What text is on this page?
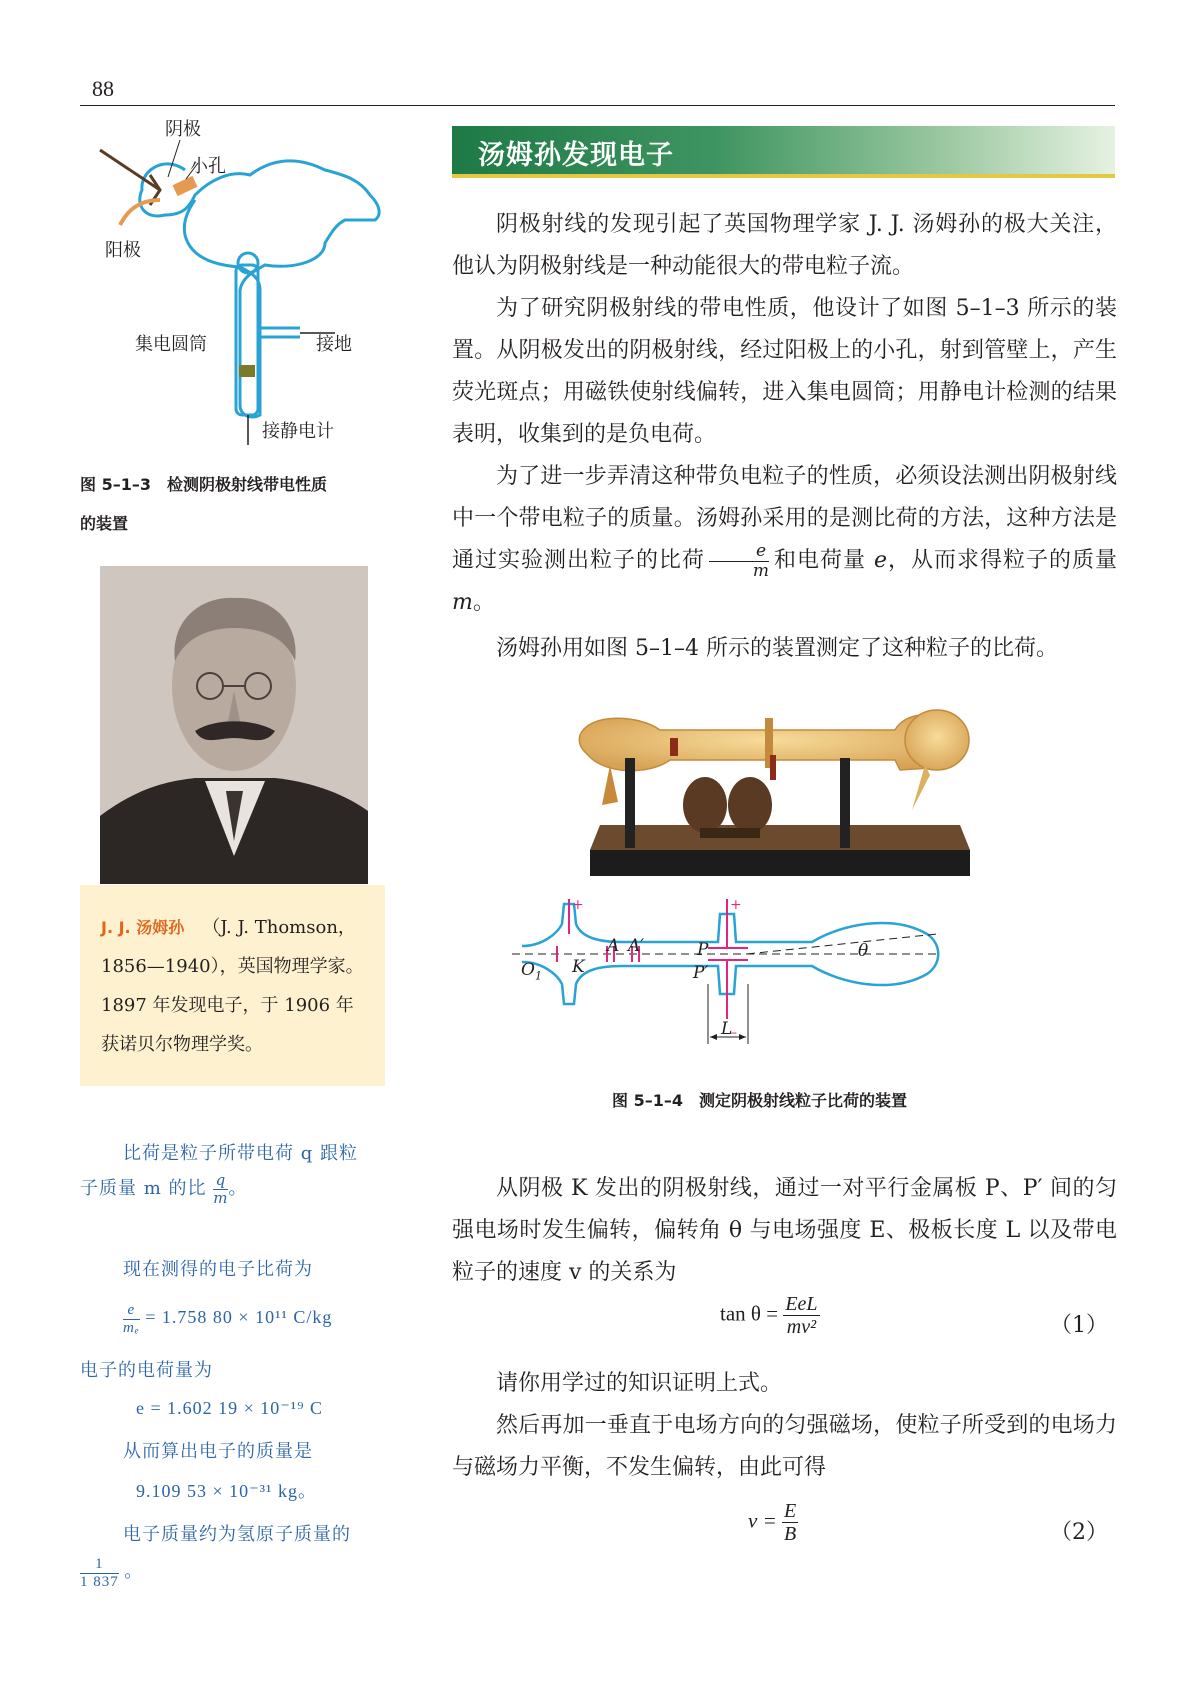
88
阴极
小孔
阳极
集电圆筒	接地
接静电计
图 5–1–3　检测阴极射线带电性质
的装置
J. J. 汤姆孙  （J. J. Thomson，
1856—1940），英国物理学家。
1897 年发现电子，于 1906 年
获诺贝尔物理学奖。
比荷是粒子所带电荷 q 跟粒
子质量 m 的比 $\frac{q}{m}$ 。
现在测得的电子比荷为
$\frac{e}{\text{mₑ}} = 1.758$ 80 × 10¹¹ C/kg
电子的电荷量为
e = 1.602 19 × 10⁻¹⁹ C
从而算出电子的质量是
9.109 53 × 10⁻³¹ kg。
电子质量约为氢原子质量的
$\frac{1}{1 837}$ 。
汤姆孙发现电子
阴极射线的发现引起了英国物理学家 J. J. 汤姆孙的极大关注，他认为阴极射线是一种动能很大的带电粒子流。
为了研究阴极射线的带电性质，他设计了如图 5–1–3 所示的装置。从阴极发出的阴极射线，经过阳极上的小孔，射到管壁上，产生荧光斑点；用磁铁使射线偏转，进入集电圆筒；用静电计检测的结果表明，收集到的是负电荷。
为了进一步弄清这种带负电粒子的性质，必须设法测出阴极射线中一个带电粒子的质量。汤姆孙采用的是测比荷的方法，这种方法是通过实验测出粒子的比荷 $\frac{e}{m}$ 和电荷量 e，从而求得粒子的质量 m。
汤姆孙用如图 5–1–4 所示的装置测定了这种粒子的比荷。
+	+
–
A A′	P
P′
K
$O_1$
θ
L
图 5–1–4　测定阴极射线粒子比荷的装置
从阴极 K 发出的阴极射线，通过一对平行金属板 P、P′ 间的匀强电场时发生偏转，偏转角 θ 与电场强度 E、极板长度 L 以及带电粒子的速度 v 的关系为
$\tan \theta = \frac{\text{EeL}}{\text{mv²}}$	（1）
请你用学过的知识证明上式。
然后再加一垂直于电场方向的匀强磁场，使粒子所受到的电场力与磁场力平衡，不发生偏转，由此可得
$v = \frac{E}{B}$	（2）
